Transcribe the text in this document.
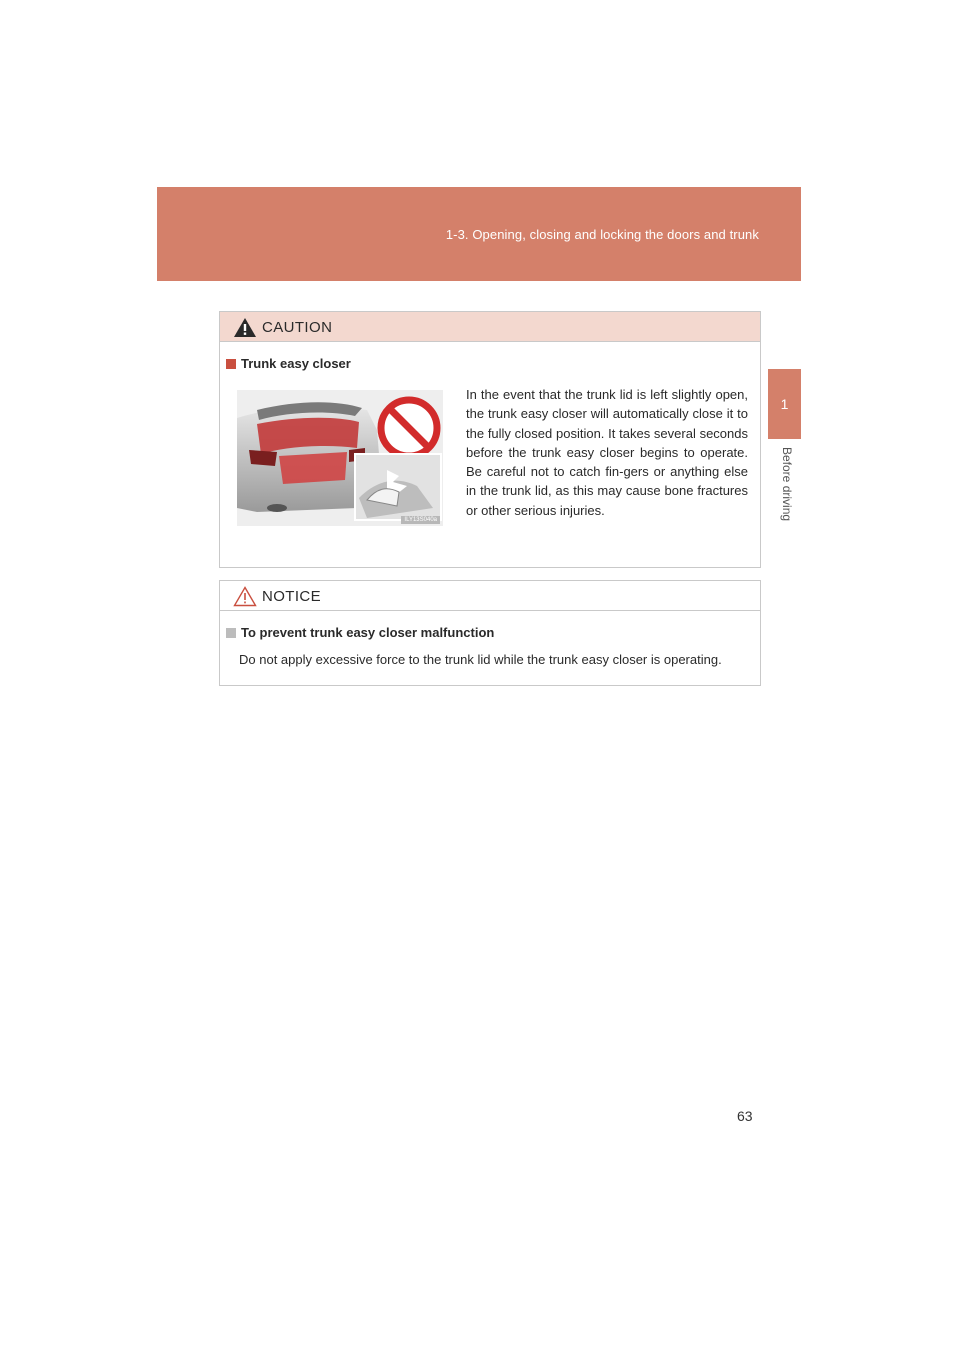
1-3. Opening, closing and locking the doors and trunk
1
Before driving
CAUTION
Trunk easy closer
ILY13S040a
In the event that the trunk lid is left slightly open, the trunk easy closer will automatically close it to the fully closed position. It takes several seconds before the trunk easy closer begins to operate. Be careful not to catch fin-gers or anything else in the trunk lid, as this may cause bone fractures or other serious injuries.
NOTICE
To prevent trunk easy closer malfunction
Do not apply excessive force to the trunk lid while the trunk easy closer is operating.
63
